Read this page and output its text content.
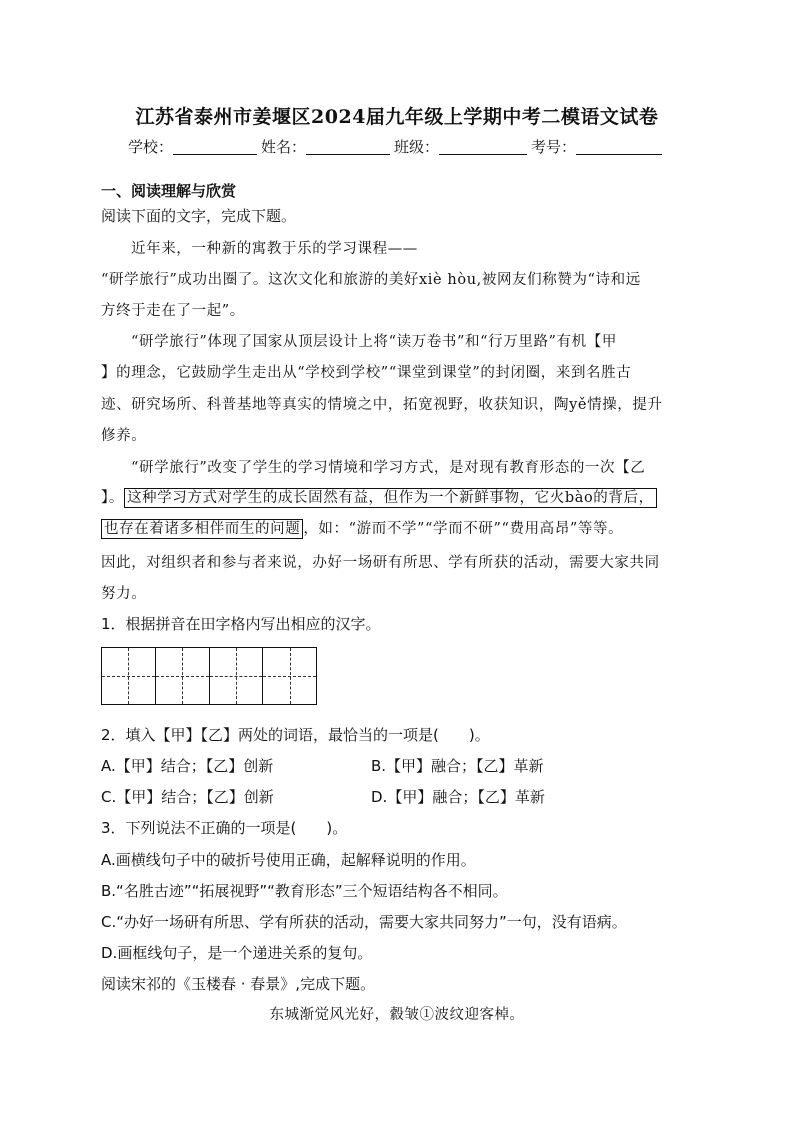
江苏省泰州市姜堰区2024届九年级上学期中考二模语文试卷
学校：	姓名：	班级：	考号：
一、阅读理解与欣赏
阅读下面的文字，完成下题。
近年来，一种新的寓教于乐的学习课程——
“研学旅行”成功出圈了。这次文化和旅游的美好xiè hòu,被网友们称赞为“诗和远
方终于走在了一起”。
“研学旅行”体现了国家从顶层设计上将“读万卷书”和“行万里路”有机【甲
】的理念，它鼓励学生走出从“学校到学校”“课堂到课堂”的封闭圈，来到名胜古
迹、研究场所、科普基地等真实的情境之中，拓宽视野，收获知识，陶yě情操，提升
修养。
“研学旅行”改变了学生的学习情境和学习方式，是对现有教育形态的一次【乙
】。 这种学习方式对学生的成长固然有益，但作为一个新鲜事物，它火bào的背后，
也存在着诸多相伴而生的问题 ，如：“游而不学”“学而不研”“费用高昂”等等。
因此，对组织者和参与者来说，办好一场研有所思、学有所获的活动，需要大家共同
努力。
1．根据拼音在田字格内写出相应的汉字。
2．填入【甲】【乙】两处的词语，最恰当的一项是(　　)。
A.【甲】结合；【乙】创新	B.【甲】融合；【乙】革新
C.【甲】结合；【乙】创新	D.【甲】融合；【乙】革新
3．下列说法不正确的一项是(　　)。
A.画横线句子中的破折号使用正确，起解释说明的作用。
B.“名胜古迹”“拓展视野”“教育形态”三个短语结构各不相同。
C.“办好一场研有所思、学有所获的活动，需要大家共同努力”一句，没有语病。
D.画框线句子，是一个递进关系的复句。
阅读宋祁的《玉楼春 · 春景》,完成下题。
东城渐觉风光好，縠皱①波纹迎客棹。
